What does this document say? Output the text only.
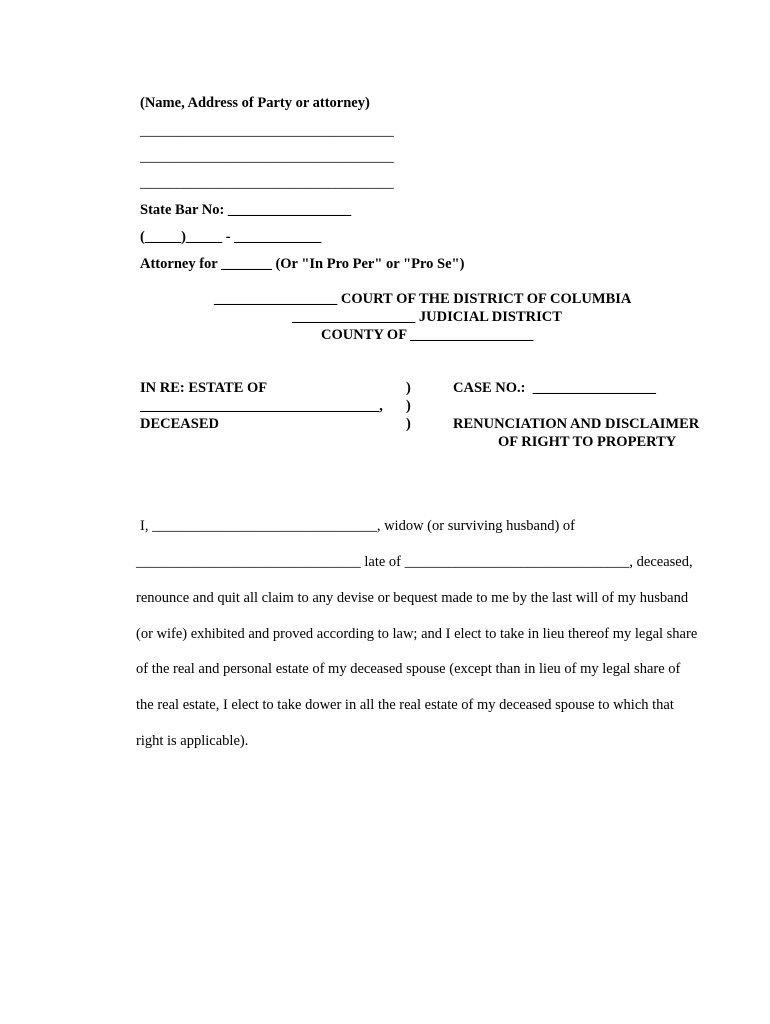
(Name, Address of Party or attorney)
___________________________________
___________________________________
___________________________________
State Bar No: _________________
(_____)_____ - ____________
Attorney for _______ (Or "In Pro Per" or "Pro Se")
_________________ COURT OF THE DISTRICT OF COLUMBIA
_________________ JUDICIAL DISTRICT
COUNTY OF _________________
IN RE: ESTATE OF
_________________________________,
DECEASED
)
)
)
CASE NO.:  _________________
RENUNCIATION AND DISCLAIMER
OF RIGHT TO PROPERTY
I, _______________________________, widow (or surviving husband) of
_______________________________ late of _______________________________, deceased,
renounce and quit all claim to any devise or bequest made to me by the last will of my husband
(or wife) exhibited and proved according to law; and I elect to take in lieu thereof my legal share
of the real and personal estate of my deceased spouse (except than in lieu of my legal share of
the real estate, I elect to take dower in all the real estate of my deceased spouse to which that
right is applicable).
